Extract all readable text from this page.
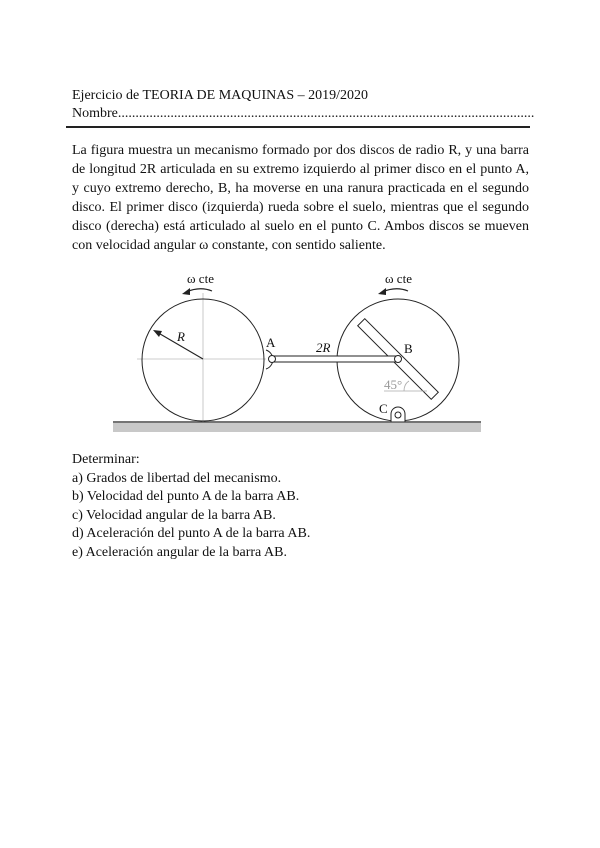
Ejercicio de TEORIA DE MAQUINAS – 2019/2020
Nombre.......................................................................................................................

La figura muestra un mecanismo formado por dos discos de radio R, y una barra de longitud 2R articulada en su extremo izquierdo al primer disco en el punto A, y cuyo extremo derecho, B, ha moverse en una ranura practicada en el segundo disco. El primer disco (izquierda) rueda sobre el suelo, mientras que el segundo disco (derecha) está articulado al suelo en el punto C. Ambos discos se mueven con velocidad angular ω constante, con sentido saliente.

R
ω cte	ω cte
45°
2R
A	B
C
Determinar:
a) Grados de libertad del mecanismo.
b) Velocidad del punto A de la barra AB.
c) Velocidad angular de la barra AB.
d) Aceleración del punto A de la barra AB.
e) Aceleración angular de la barra AB.
